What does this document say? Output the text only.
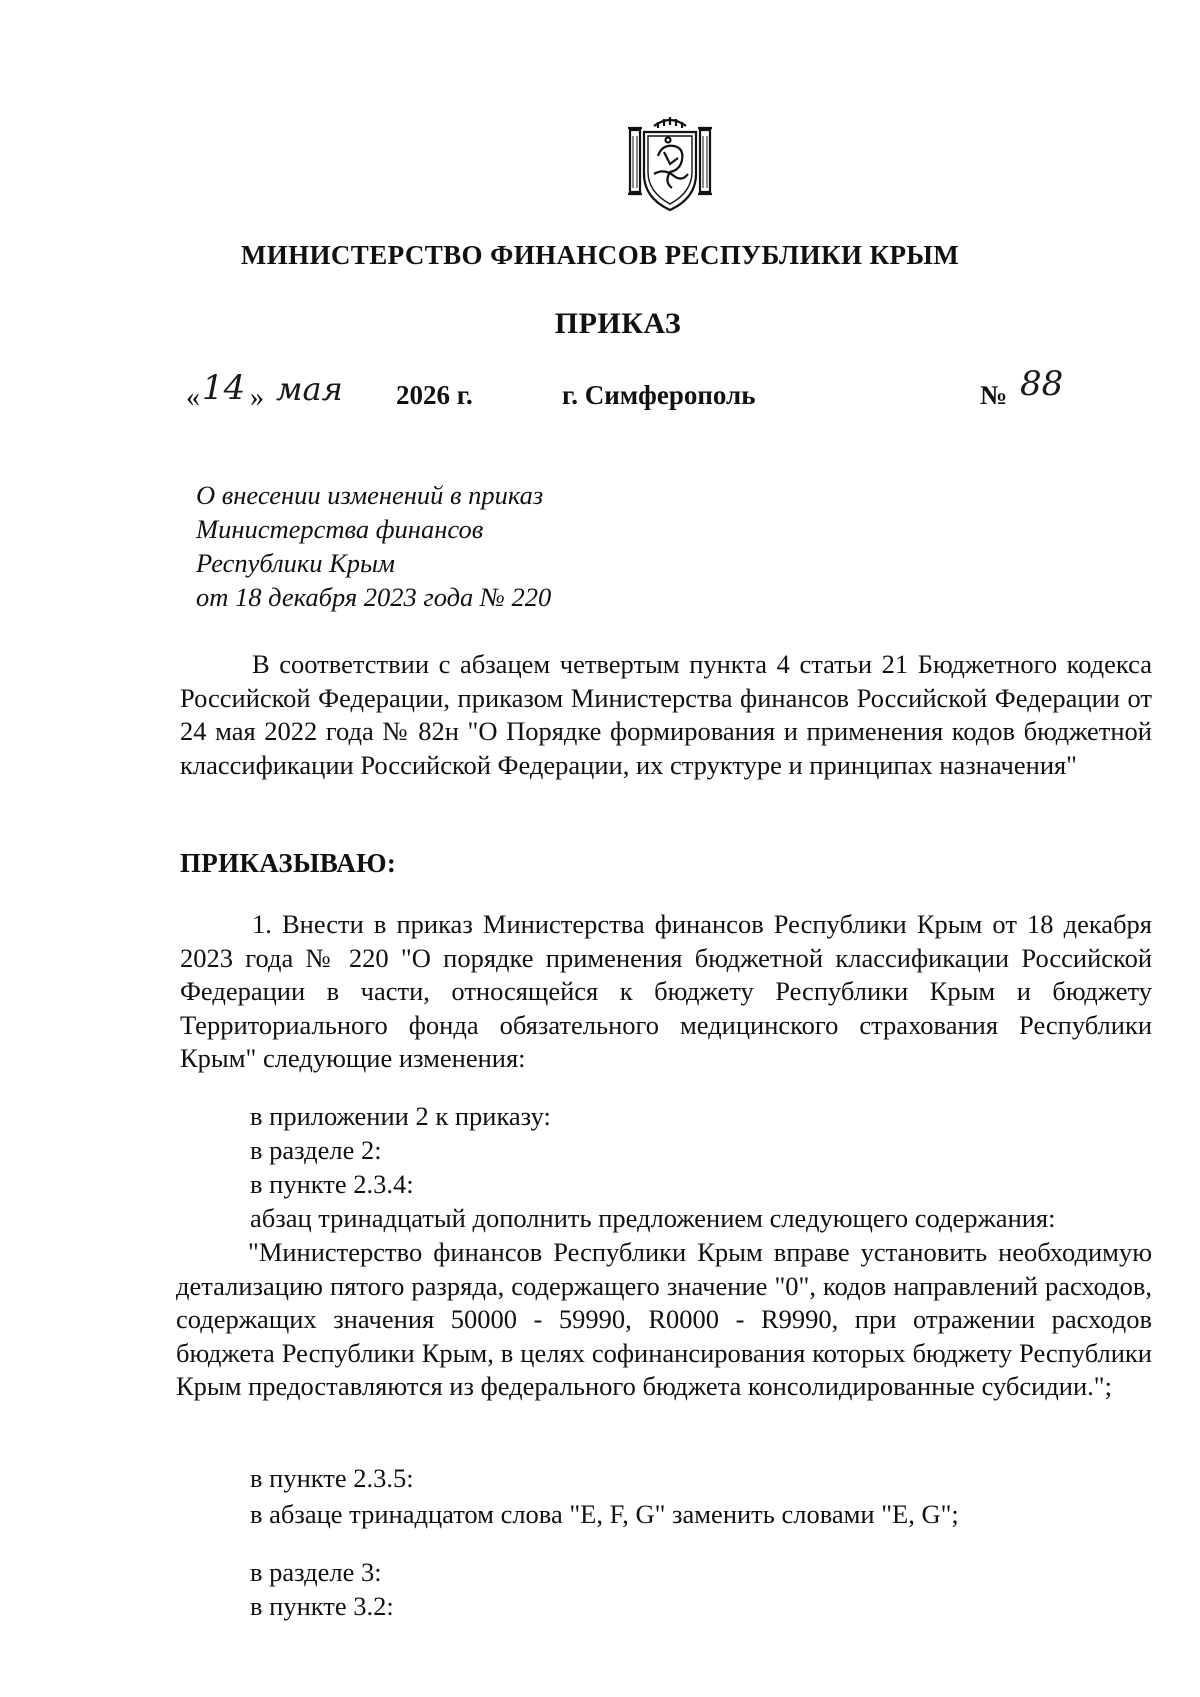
МИНИСТЕРСТВО ФИНАНСОВ РЕСПУБЛИКИ КРЫМ
ПРИКАЗ
« 14 » мая 2026 г.	г. Симферополь	№ 88
О внесении изменений в приказ
Министерства финансов
Республики Крым
от 18 декабря 2023 года № 220
В соответствии с абзацем четвертым пункта 4 статьи 21 Бюджетного кодекса Российской Федерации, приказом Министерства финансов Российской Федерации от 24 мая 2022 года № 82н "О Порядке формирования и применения кодов бюджетной классификации Российской Федерации, их структуре и принципах назначения"
ПРИКАЗЫВАЮ:
1. Внести в приказ Министерства финансов Республики Крым от 18 декабря 2023 года № 220 "О порядке применения бюджетной классификации Российской Федерации в части, относящейся к бюджету Республики Крым и бюджету Территориального фонда обязательного медицинского страхования Республики Крым" следующие изменения:
в приложении 2 к приказу:
в разделе 2:
в пункте 2.3.4:
абзац тринадцатый дополнить предложением следующего содержания:
"Министерство финансов Республики Крым вправе установить необходимую детализацию пятого разряда, содержащего значение "0", кодов направлений расходов, содержащих значения 50000 - 59990, R0000 - R9990, при отражении расходов бюджета Республики Крым, в целях софинансирования которых бюджету Республики Крым предоставляются из федерального бюджета консолидированные субсидии.";
в пункте 2.3.5:
в абзаце тринадцатом слова "E, F, G" заменить словами "E, G";
в разделе 3:
в пункте 3.2:
